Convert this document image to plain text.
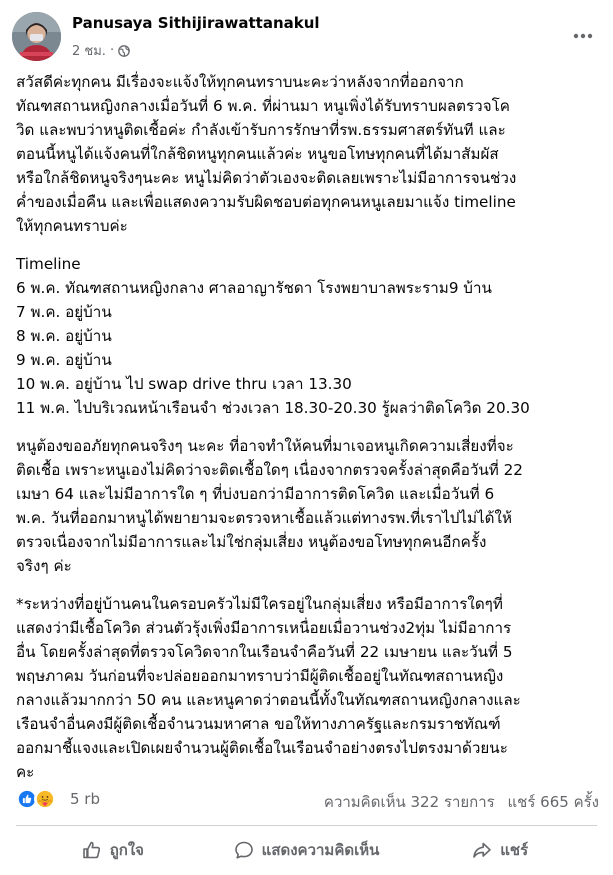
Panusaya Sithijirawattanakul
2 ชม. ·
สวัสดีค่ะทุกคน มีเรื่องจะแจ้งให้ทุกคนทราบนะคะว่าหลังจากที่ออกจาก
ทัณฑสถานหญิงกลางเมื่อวันที่ 6 พ.ค. ที่ผ่านมา หนูเพิ่งได้รับทราบผลตรวจโค
วิด และพบว่าหนูติดเชื้อค่ะ กำลังเข้ารับการรักษาที่รพ.ธรรมศาสตร์ทันที และ
ตอนนี้หนูได้แจ้งคนที่ใกล้ชิดหนูทุกคนแล้วค่ะ หนูขอโทษทุกคนที่ได้มาสัมผัส
หรือใกล้ชิดหนูจริงๆนะคะ หนูไม่คิดว่าตัวเองจะติดเลยเพราะไม่มีอาการจนช่วง
ค่ำของเมื่อคืน และเพื่อแสดงความรับผิดชอบต่อทุกคนหนูเลยมาแจ้ง timeline
ให้ทุกคนทราบค่ะ
Timeline
6 พ.ค. ทัณฑสถานหญิงกลาง ศาลอาญารัชดา โรงพยาบาลพระราม9 บ้าน
7 พ.ค. อยู่บ้าน
8 พ.ค. อยู่บ้าน
9 พ.ค. อยู่บ้าน
10 พ.ค. อยู่บ้าน ไป swap drive thru เวลา 13.30
11 พ.ค. ไปบริเวณหน้าเรือนจำ ช่วงเวลา 18.30-20.30 รู้ผลว่าติดโควิด 20.30
หนูต้องขออภัยทุกคนจริงๆ นะคะ ที่อาจทำให้คนที่มาเจอหนูเกิดความเสี่ยงที่จะ
ติดเชื้อ เพราะหนูเองไม่คิดว่าจะติดเชื้อใดๆ เนื่องจากตรวจครั้งล่าสุดคือวันที่ 22
เมษา 64 และไม่มีอาการใด ๆ ที่บ่งบอกว่ามีอาการติดโควิด และเมื่อวันที่ 6
พ.ค. วันที่ออกมาหนูได้พยายามจะตรวจหาเชื้อแล้วแต่ทางรพ.ที่เราไปไม่ได้ให้
ตรวจเนื่องจากไม่มีอาการและไม่ใช่กลุ่มเสี่ยง หนูต้องขอโทษทุกคนอีกครั้ง
จริงๆ ค่ะ
*ระหว่างที่อยู่บ้านคนในครอบครัวไม่มีใครอยู่ในกลุ่มเสี่ยง หรือมีอาการใดๆที่
แสดงว่ามีเชื้อโควิด ส่วนตัวรุ้งเพิ่งมีอาการเหนื่อยเมื่อวานช่วง2ทุ่ม ไม่มีอาการ
อื่น โดยครั้งล่าสุดที่ตรวจโควิดจากในเรือนจำคือวันที่ 22 เมษายน และวันที่ 5
พฤษภาคม วันก่อนที่จะปล่อยออกมาทราบว่ามีผู้ติดเชื้ออยู่ในทัณฑสถานหญิง
กลางแล้วมากกว่า 50 คน และหนูคาดว่าตอนนี้ทั้งในทัณฑสถานหญิงกลางและ
เรือนจำอื่นคงมีผู้ติดเชื้อจำนวนมหาศาล ขอให้ทางภาครัฐและกรมราชทัณฑ์
ออกมาชี้แจงและเปิดเผยจำนวนผู้ติดเชื้อในเรือนจำอย่างตรงไปตรงมาด้วยนะ
คะ
5 rb	ความคิดเห็น 322 รายการ แชร์ 665 ครั้ง
ถูกใจ	แสดงความคิดเห็น	แชร์
